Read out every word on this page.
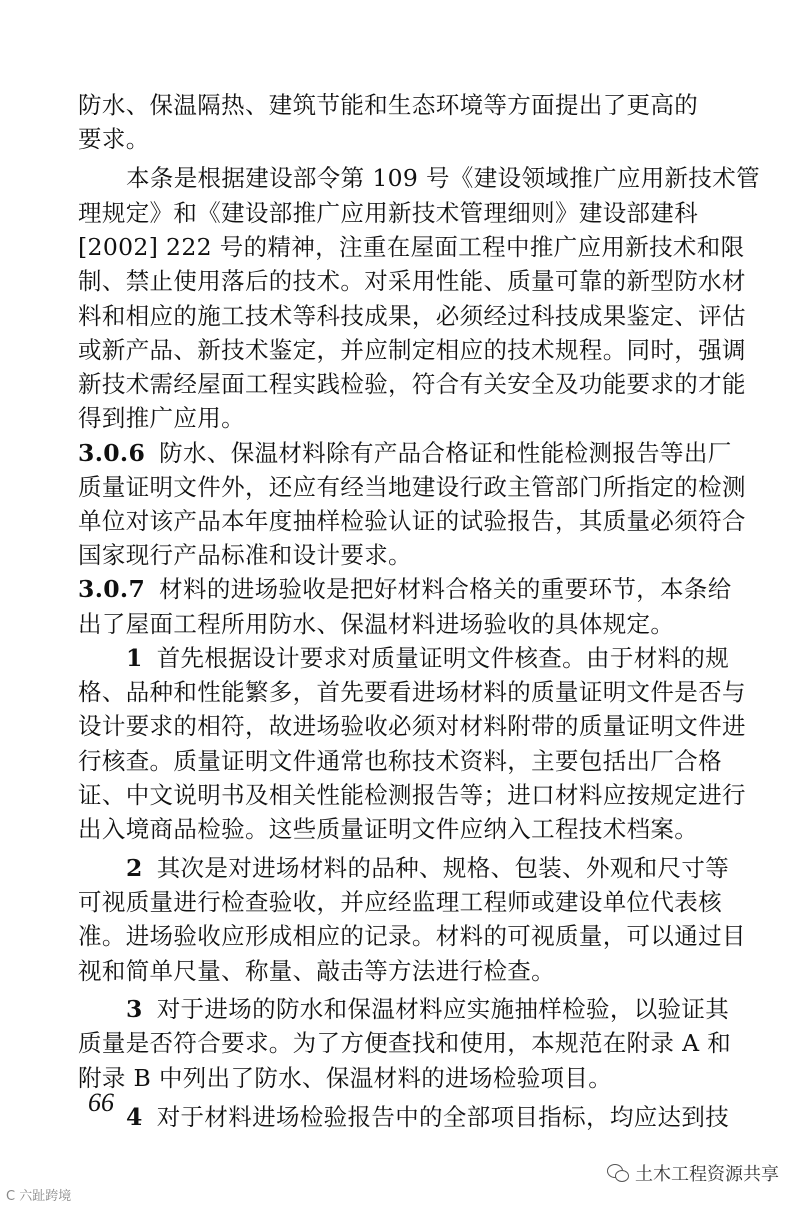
防水、保温隔热、建筑节能和生态环境等方面提出了更高的
要求。
本条是根据建设部令第 109 号《建设领域推广应用新技术管
理规定》和《建设部推广应用新技术管理细则》建设部建科
[2002] 222 号的精神，注重在屋面工程中推广应用新技术和限
制、禁止使用落后的技术。对采用性能、质量可靠的新型防水材
料和相应的施工技术等科技成果，必须经过科技成果鉴定、评估
或新产品、新技术鉴定，并应制定相应的技术规程。同时，强调
新技术需经屋面工程实践检验，符合有关安全及功能要求的才能
得到推广应用。
3.0.6 防水、保温材料除有产品合格证和性能检测报告等出厂
质量证明文件外，还应有经当地建设行政主管部门所指定的检测
单位对该产品本年度抽样检验认证的试验报告，其质量必须符合
国家现行产品标准和设计要求。
3.0.7 材料的进场验收是把好材料合格关的重要环节，本条给
出了屋面工程所用防水、保温材料进场验收的具体规定。
1 首先根据设计要求对质量证明文件核查。由于材料的规
格、品种和性能繁多，首先要看进场材料的质量证明文件是否与
设计要求的相符，故进场验收必须对材料附带的质量证明文件进
行核查。质量证明文件通常也称技术资料，主要包括出厂合格
证、中文说明书及相关性能检测报告等；进口材料应按规定进行
出入境商品检验。这些质量证明文件应纳入工程技术档案。
2 其次是对进场材料的品种、规格、包装、外观和尺寸等
可视质量进行检查验收，并应经监理工程师或建设单位代表核
准。进场验收应形成相应的记录。材料的可视质量，可以通过目
视和简单尺量、称量、敲击等方法进行检查。
3 对于进场的防水和保温材料应实施抽样检验，以验证其
质量是否符合要求。为了方便查找和使用，本规范在附录 A 和
附录 B 中列出了防水、保温材料的进场检验项目。
4 对于材料进场检验报告中的全部项目指标，均应达到技
66
土木工程资源共享
C 六趾跨境
